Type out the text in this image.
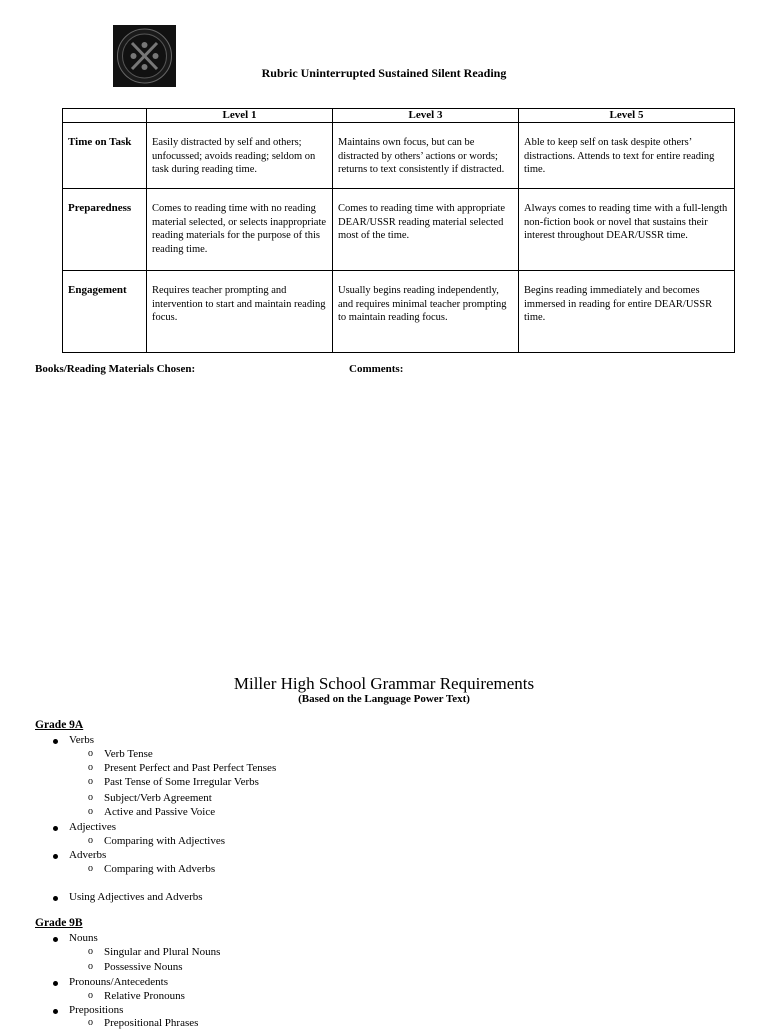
Rubric Uninterrupted Sustained Silent Reading
	Level 1	Level 3	Level 5
Time on Task	Easily distracted by self and others; unfocussed; avoids reading; seldom on task during reading time.	Maintains own focus, but can be distracted by others’ actions or words; returns to text consistently if distracted.	Able to keep self on task despite others’ distractions. Attends to text for entire reading time.
Preparedness	Comes to reading time with no reading material selected, or selects inappropriate reading materials for the purpose of this reading time.	Comes to reading time with appropriate DEAR/USSR reading material selected most of the time.	Always comes to reading time with a full-length non-fiction book or novel that sustains their interest throughout DEAR/USSR time.
Engagement	Requires teacher prompting and intervention to start and maintain reading focus.	Usually begins reading independently, and requires minimal teacher prompting to maintain reading focus.	Begins reading immediately and becomes immersed in reading for entire DEAR/USSR time.
Books/Reading Materials Chosen:	Comments:
Miller High School Grammar Requirements
(Based on the Language Power Text)
Grade 9A
Verbs
o Verb Tense
o Present Perfect and Past Perfect Tenses
o Past Tense of Some Irregular Verbs
o Subject/Verb Agreement
o Active and Passive Voice
Adjectives
o Comparing with Adjectives
Adverbs
o Comparing with Adverbs
Using Adjectives and Adverbs
Grade 9B
Nouns
o Singular and Plural Nouns
o Possessive Nouns
Pronouns/Antecedents
o Relative Pronouns
Prepositions
o Prepositional Phrases
